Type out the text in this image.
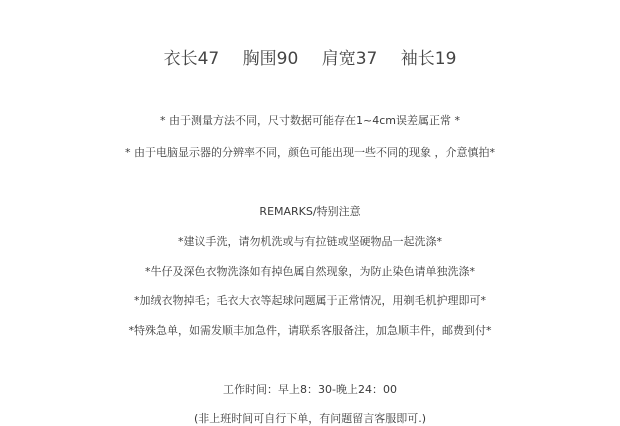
衣长47 胸围90 肩宽37 袖长19
* 由于测量方法不同，尺寸数据可能存在1~4cm误差属正常 *
* 由于电脑显示器的分辨率不同，颜色可能出现一些不同的现象 ，介意慎拍*
REMARKS/特别注意
*建议手洗，请勿机洗或与有拉链或坚硬物品一起洗涤*
*牛仔及深色衣物洗涤如有掉色属自然现象，为防止染色请单独洗涤*
*加绒衣物掉毛；毛衣大衣等起球问题属于正常情况，用剃毛机护理即可*
*特殊急单，如需发顺丰加急件，请联系客服备注，加急顺丰件，邮费到付*
工作时间：早上8：30-晚上24：00
(非上班时间可自行下单，有问题留言客服即可.)
